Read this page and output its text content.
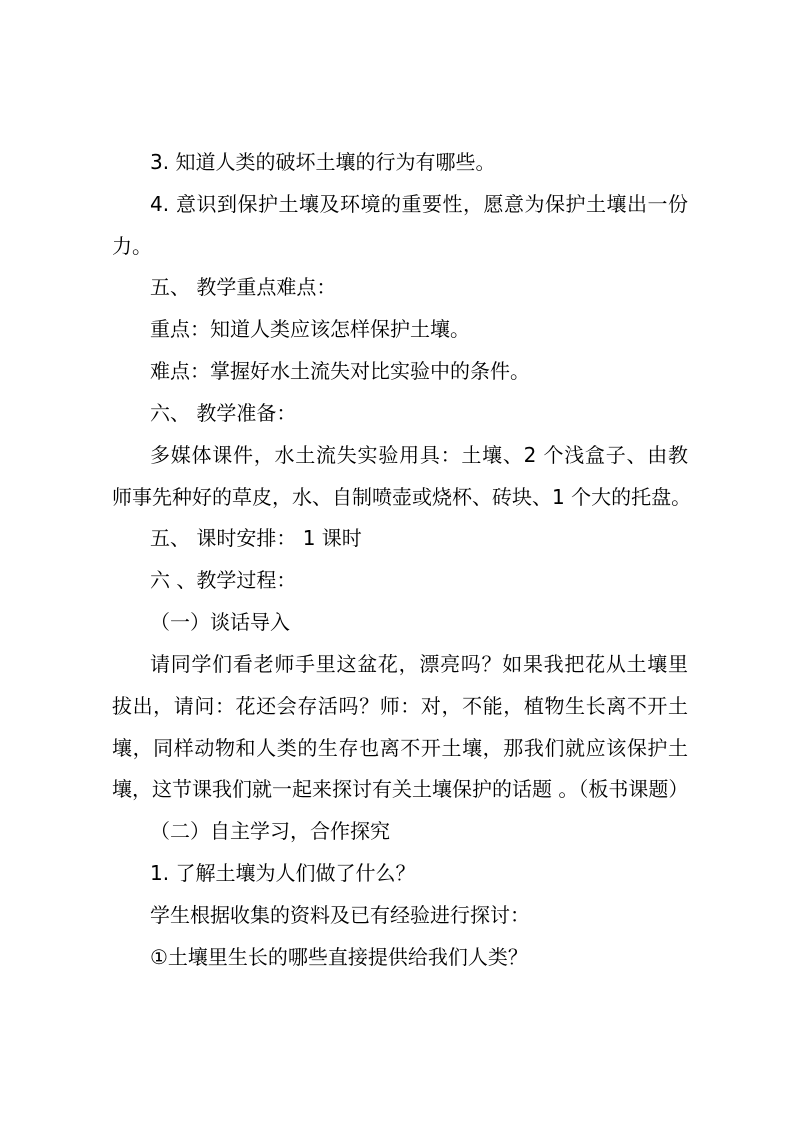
3. 知道人类的破坏土壤的行为有哪些。
4. 意识到保护土壤及环境的重要性，愿意为保护土壤出一份
力。
五、 教学重点难点：
重点：知道人类应该怎样保护土壤。
难点：掌握好水土流失对比实验中的条件。
六、 教学准备：
多媒体课件，水土流失实验用具：土壤、2 个浅盒子、由教
师事先种好的草皮，水、自制喷壶或烧杯、砖块、1 个大的托盘。
五、 课时安排： 1 课时
六 、教学过程：
（一）谈话导入
请同学们看老师手里这盆花，漂亮吗？如果我把花从土壤里
拔出，请问：花还会存活吗？师：对，不能，植物生长离不开土
壤，同样动物和人类的生存也离不开土壤，那我们就应该保护土
壤，这节课我们就一起来探讨有关土壤保护的话题 。（板书课题）
（二）自主学习，合作探究
1. 了解土壤为人们做了什么？
学生根据收集的资料及已有经验进行探讨：
①土壤里生长的哪些直接提供给我们人类？
